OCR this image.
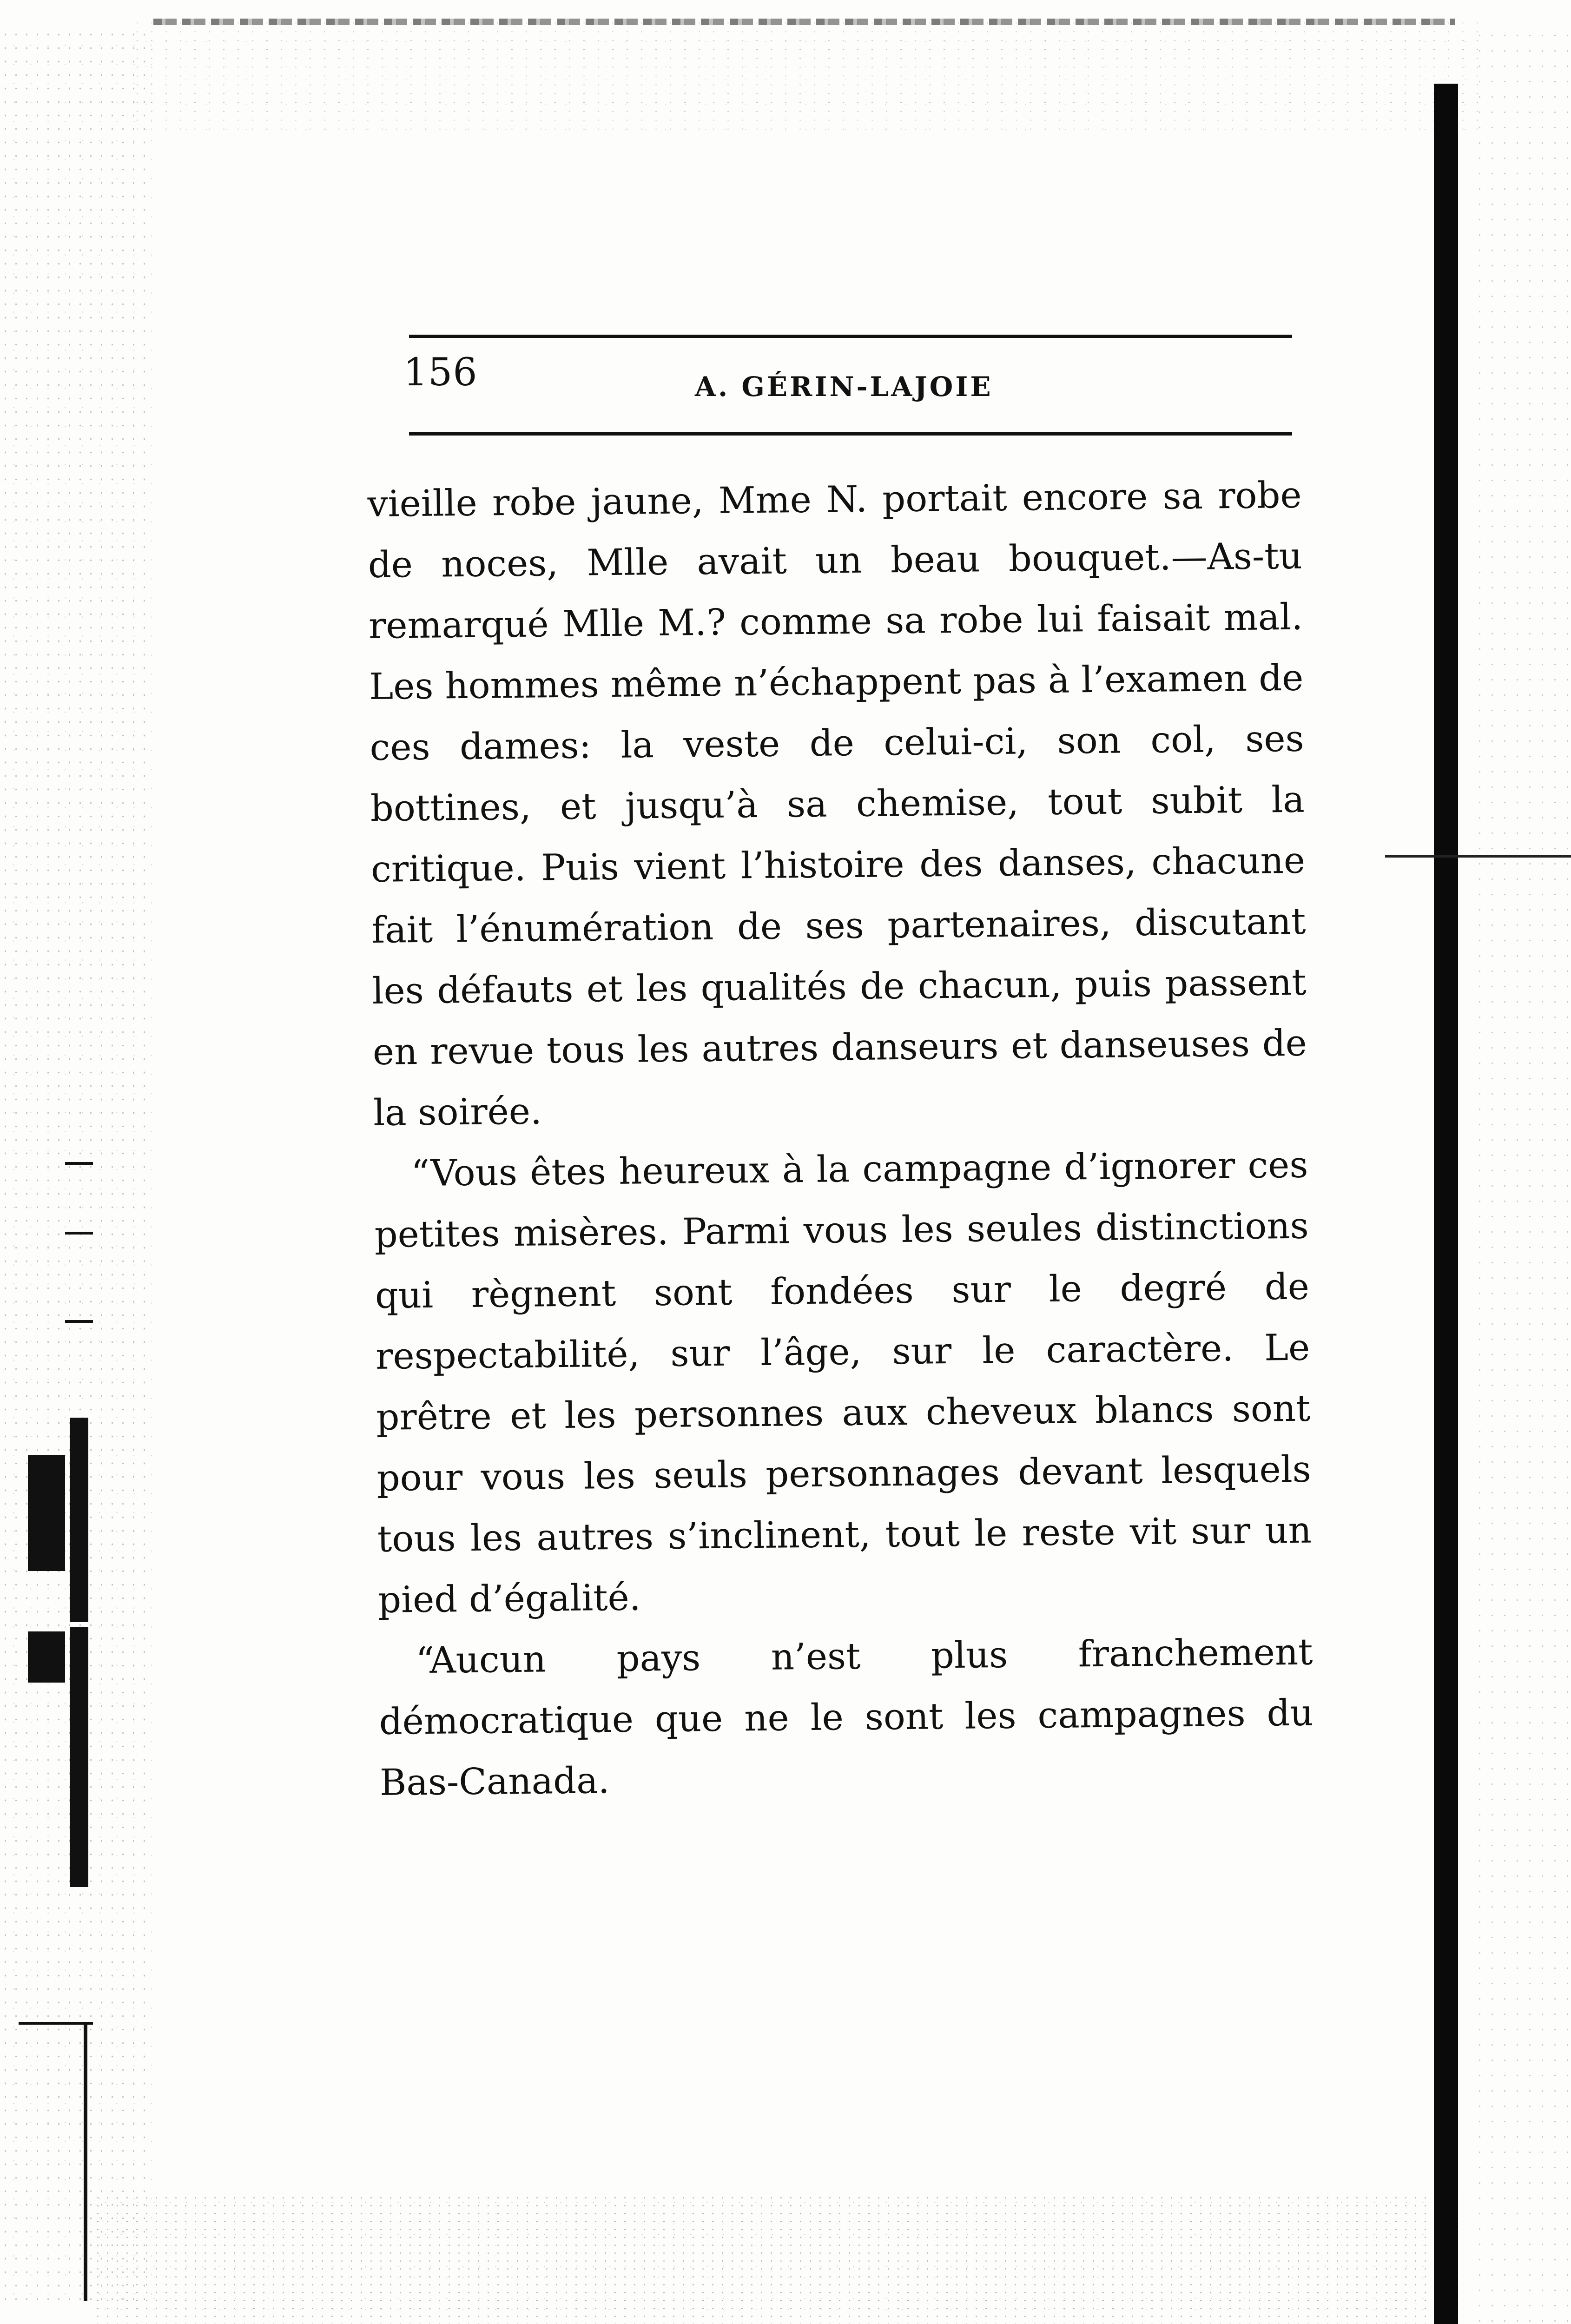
156	A. GÉRIN-LAJOIE

vieille robe jaune, Mme N. portait encore sa robe de noces, Mlle avait un beau bouquet.—As-tu remarqué Mlle M.? comme sa robe lui faisait mal. Les hommes même n’échappent pas à l’examen de ces dames: la veste de celui-ci, son col, ses bottines, et jusqu’à sa chemise, tout subit la critique. Puis vient l’histoire des danses, chacune fait l’énumération de ses partenaires, discutant les défauts et les qualités de chacun, puis passent en revue tous les autres danseurs et danseuses de la soirée.

“Vous êtes heureux à la campagne d’ignorer ces petites misères. Parmi vous les seules distinctions qui règnent sont fondées sur le degré de respectabilité, sur l’âge, sur le caractère. Le prêtre et les personnes aux cheveux blancs sont pour vous les seuls personnages devant lesquels tous les autres s’inclinent, tout le reste vit sur un pied d’égalité.

“Aucun pays n’est plus franchement démocratique que ne le sont les campagnes du Bas-Canada.
